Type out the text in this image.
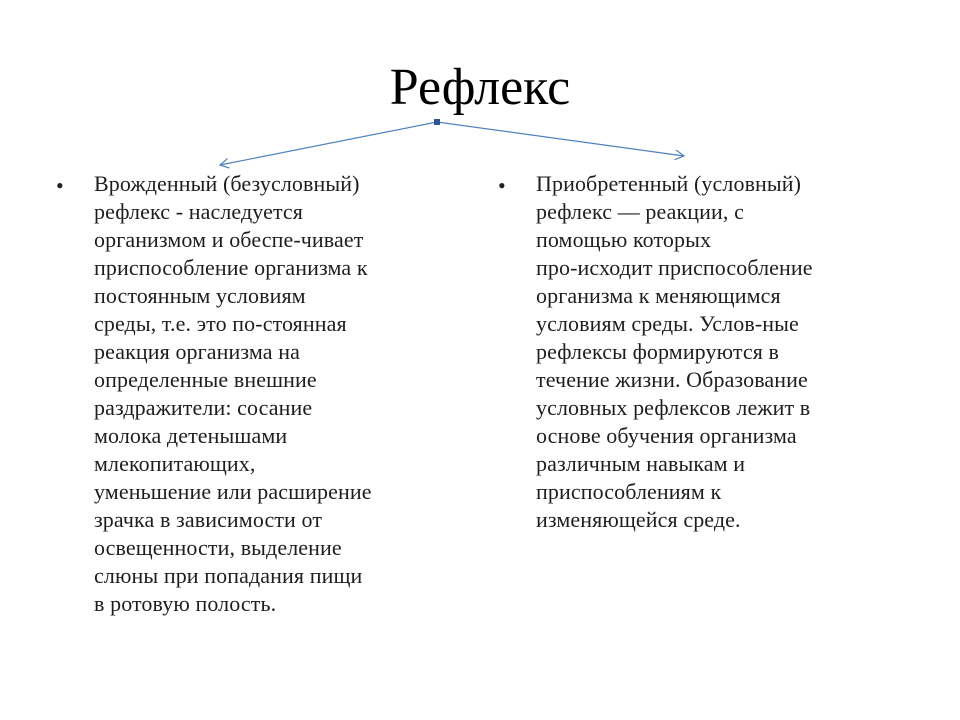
Рефлекс
• Врожденный (безусловный)
рефлекс - наследуется
организмом и обеспе-чивает
приспособление организма к
постоянным условиям
среды, т.е. это по-стоянная
реакция организма на
определенные внешние
раздражители: сосание
молока детенышами
млекопитающих,
уменьшение или расширение
зрачка в зависимости от
освещенности, выделение
слюны при попадания пищи
в ротовую полость.
• Приобретенный (условный)
рефлекс — реакции, с
помощью которых
про-исходит приспособление
организма к меняющимся
условиям среды. Услов-ные
рефлексы формируются в
течение жизни. Образование
условных рефлексов лежит в
основе обучения организма
различным навыкам и
приспособлениям к
изменяющейся среде.
